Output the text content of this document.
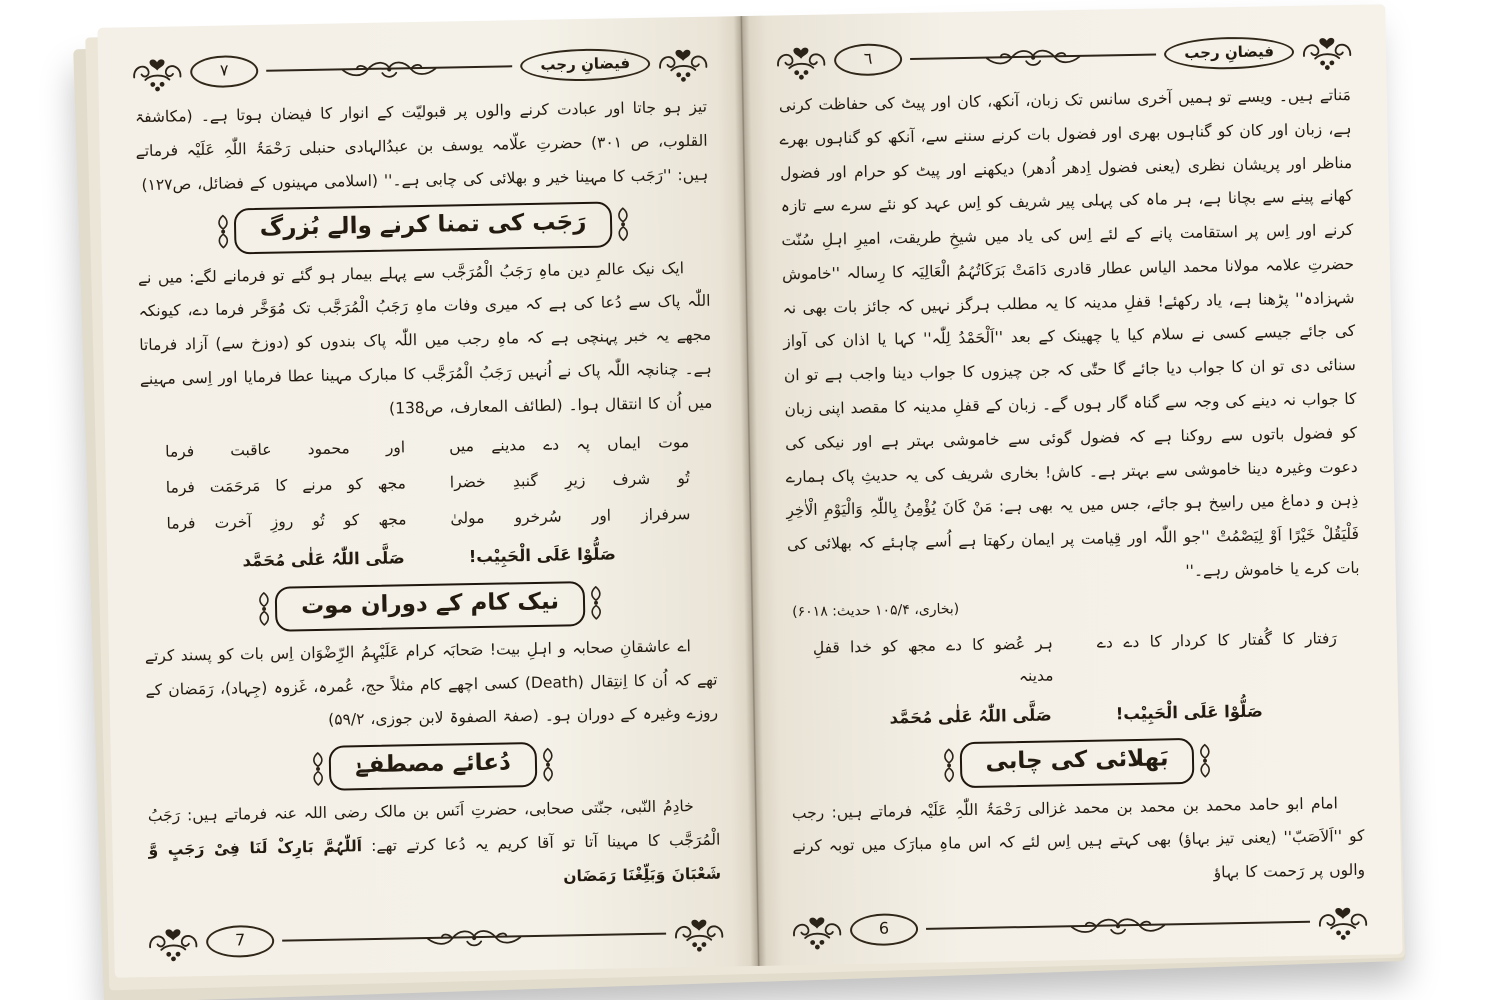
٧	فیضانِ رجب
تیز ہو جاتا اور عبادت کرنے والوں پر قبولیّت کے انوار کا فیضان ہوتا ہے۔ (مکاشفۃ القلوب، ص ۳۰۱) حضرتِ علّامہ یوسف بن عبدُالہادی حنبلی رَحْمَۃُ اللّٰہِ عَلَیْہ فرماتے ہیں: ''رَجَب کا مہینا خیر و بھلائی کی چابی ہے۔'' (اسلامی مہینوں کے فضائل، ص۱۲۷)
رَجَب کی تمنا کرنے والے بُزرگ
ایک نیک عالمِ دین ماہِ رَجَبُ الْمُرَجَّب سے پہلے بیمار ہو گئے تو فرمانے لگے: میں نے اللّٰہ پاک سے دُعا کی ہے کہ میری وفات ماہِ رَجَبُ الْمُرَجَّب تک مُوَخَّر فرما دے، کیونکہ مجھے یہ خبر پہنچی ہے کہ ماہِ رجب میں اللّٰہ پاک بندوں کو (دوزخ سے) آزاد فرماتا ہے۔ چنانچہ اللّٰہ پاک نے اُنہیں رَجَبُ الْمُرَجَّب کا مبارک مہینا عطا فرمایا اور اِسی مہینے میں اُن کا انتقال ہوا۔ (لطائف المعارف، ص138)
موت ایماں پہ دے مدینے میں
اور محمود عاقبت فرما
تُو شرف زیرِ گنبدِ خضرا
مجھ کو مرنے کا مَرحَمَت فرما
سرفراز اور سُرخرو مولیٰ
مجھ کو تُو روزِ آخرت فرما
صَلُّوْا عَلَی الْحَبِیْب!
صَلَّی اللّٰہُ عَلٰی مُحَمَّد
نیک کام کے دوران موت
اے عاشقانِ صحابہ و اہلِ بیت! صَحابَہ کرام عَلَیْہِمُ الرِّضْوَان اِس بات کو پسند کرتے تھے کہ اُن کا اِنتِقال (Death) کسی اچھے کام مثلاً حج، عُمرہ، غَزوہ (جِہاد)، رَمَضان کے روزے وغیرہ کے دوران ہو۔ (صفۃ الصفوۃ لابن جوزی، ۵۹/۲)
دُعائے مصطفےٰ
خادِمُ النّبی، جنّتی صحابی، حضرتِ اَنَس بن مالک رضی اللہ عنہ فرماتے ہیں: رَجَبُ الْمُرَجَّب کا مہینا آتا تو آقا کریم یہ دُعا کرتے تھے: اَللّٰہُمَّ بَارِکْ لَنَا فِیْ رَجَبٍ وَّ شَعْبَانَ وَبَلِّغْنَا رَمَضَان
7
٦	فیضانِ رجب
مَناتے ہیں۔ ویسے تو ہمیں آخری سانس تک زبان، آنکھ، کان اور پیٹ کی حفاظت کرنی ہے، زبان اور کان کو گناہوں بھری اور فضول بات کرنے سننے سے، آنکھ کو گناہوں بھرے مناظر اور پریشان نظری (یعنی فضول اِدھر اُدھر) دیکھنے اور پیٹ کو حرام اور فضول کھانے پینے سے بچانا ہے، ہر ماہ کی پہلی پیر شریف کو اِس عہد کو نئے سرے سے تازہ کرنے اور اِس پر استقامت پانے کے لئے اِس کی یاد میں شیخِ طریقت، امیرِ اہلِ سُنّت حضرتِ علامہ مولانا محمد الیاس عطار قادری دَامَتْ بَرَکَاتُہُمُ الْعَالِیَہ کا رِسالہ ''خاموش شہزادہ'' پڑھنا ہے، یاد رکھئے! قفلِ مدینہ کا یہ مطلب ہرگز نہیں کہ جائز بات بھی نہ کی جائے جیسے کسی نے سلام کیا یا چھینک کے بعد ''اَلْحَمْدُ لِلّٰہ'' کہا یا اذان کی آواز سنائی دی تو ان کا جواب دیا جائے گا حتّٰی کہ جن چیزوں کا جواب دینا واجب ہے تو ان کا جواب نہ دینے کی وجہ سے گناہ گار ہوں گے۔ زبان کے قفلِ مدینہ کا مقصد اپنی زبان کو فضول باتوں سے روکنا ہے کہ فضول گوئی سے خاموشی بہتر ہے اور نیکی کی دعوت وغیرہ دینا خاموشی سے بہتر ہے۔ کاش! بخاری شریف کی یہ حدیثِ پاک ہمارے ذِہن و دماغ میں راسِخ ہو جائے، جس میں یہ بھی ہے: مَنْ کَانَ یُؤْمِنُ بِاللّٰہِ وَالْیَوْمِ الْاٰخِرِ فَلْیَقُلْ خَیْرًا اَوْ لِیَصْمُتْ ''جو اللّٰہ اور قِیامت پر ایمان رکھتا ہے اُسے چاہئے کہ بھلائی کی بات کرے یا خاموش رہے۔''
(بخاری، ۱۰۵/۴ حدیث: ۶۰۱۸)
رَفتار کا گُفتار کا کردار کا دے دے
ہر عُضو کا دے مجھ کو خدا قفلِ مدینہ
صَلُّوْا عَلَی الْحَبِیْب!
صَلَّی اللّٰہُ عَلٰی مُحَمَّد
بَھلائی کی چابی
امام ابو حامد محمد بن محمد بن محمد غزالی رَحْمَۃُ اللّٰہِ عَلَیْہ فرماتے ہیں: رجب کو ''اَلاَصَبّ'' (یعنی تیز بہاؤ) بھی کہتے ہیں اِس لئے کہ اس ماہِ مبارَک میں توبہ کرنے والوں پر رَحمت کا بہاؤ
6
